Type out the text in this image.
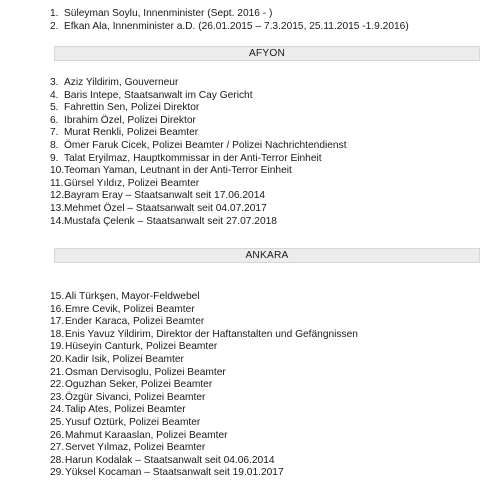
1. Süleyman Soylu, Innenminister (Sept. 2016 - )
2. Efkan Ala, Innenminister a.D. (26.01.2015 – 7.3.2015, 25.11.2015 -1.9.2016)
AFYON
3. Aziz Yildirim, Gouverneur
4. Baris Intepe, Staatsanwalt im Cay Gericht
5. Fahrettin Sen, Polizei Direktor
6. Ibrahim Özel, Polizei Direktor
7. Murat Renkli, Polizei Beamter
8. Ömer Faruk Cicek, Polizei Beamter / Polizei Nachrichtendienst
9. Talat Eryilmaz, Hauptkommissar in der Anti-Terror Einheit
10. Teoman Yaman, Leutnant in der Anti-Terror Einheit
11. Gürsel Yıldız, Polizei Beamter
12. Bayram Eray – Staatsanwalt seit 17.06.2014
13. Mehmet Özel – Staatsanwalt seit 04.07.2017
14. Mustafa Çelenk – Staatsanwalt seit 27.07.2018
ANKARA
15. Ali Türkşen, Mayor-Feldwebel
16. Emre Cevik, Polizei Beamter
17. Ender Karaca, Polizei Beamter
18. Enis Yavuz Yildirim, Direktor der Haftanstalten und Gefängnissen
19. Hüseyin Canturk, Polizei Beamter
20. Kadir Isik, Polizei Beamter
21. Osman Dervisoglu, Polizei Beamter
22. Oguzhan Seker, Polizei Beamter
23. Özgür Sivanci, Polizei Beamter
24. Talip Ates, Polizei Beamter
25. Yusuf Oztürk, Polizei Beamter
26. Mahmut Karaaslan, Polizei Beamter
27. Servet Yılmaz, Polizei Beamter
28. Harun Kodalak – Staatsanwalt seit 04.06.2014
29. Yüksel Kocaman – Staatsanwalt seit 19.01.2017
